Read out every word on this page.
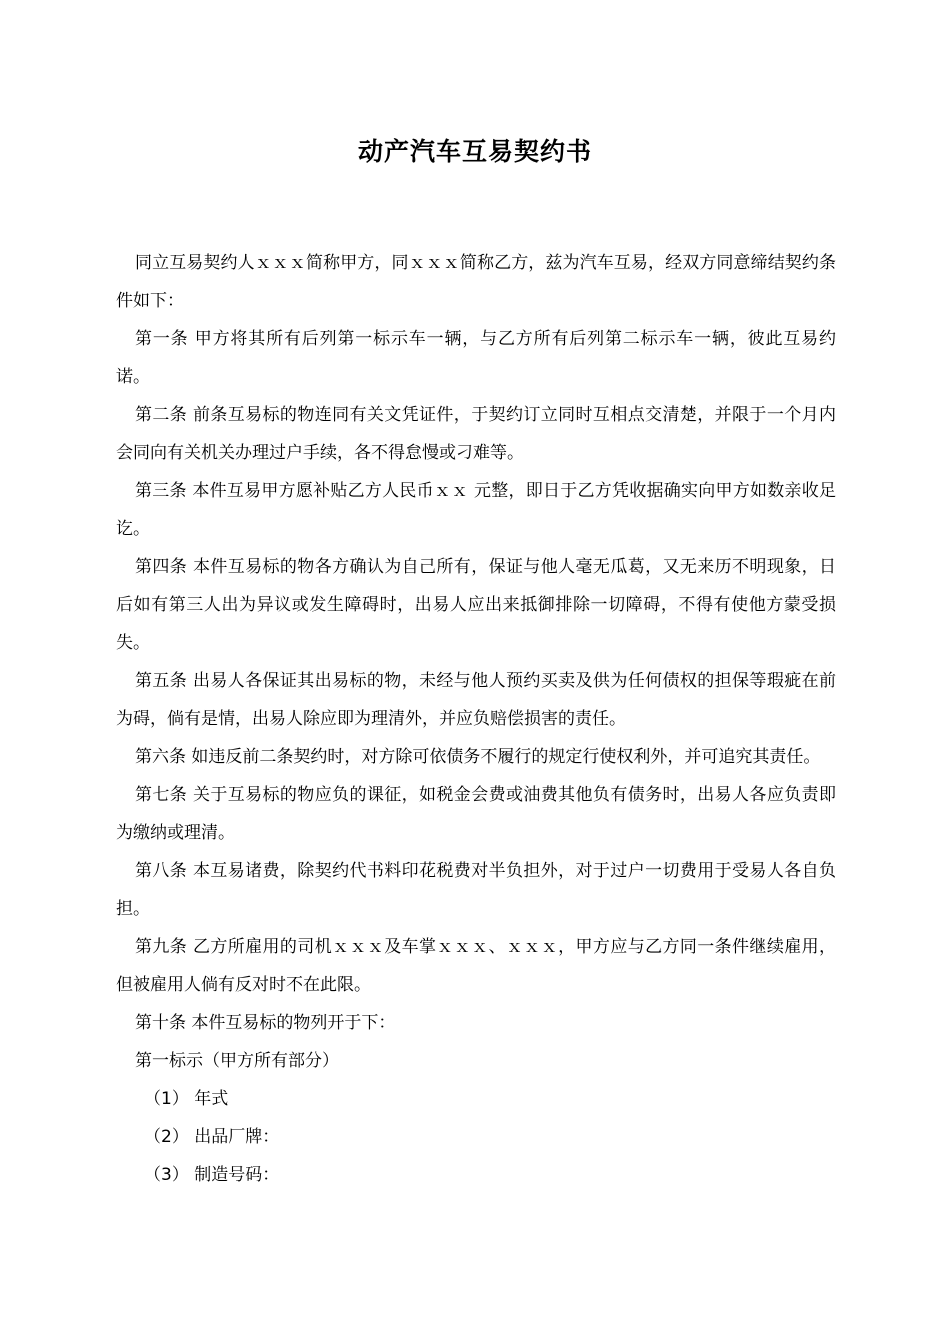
动产汽车互易契约书

同立互易契约人ｘｘｘ简称甲方，同ｘｘｘ简称乙方，兹为汽车互易，经双方同意缔结契约条件如下：

第一条 甲方将其所有后列第一标示车一辆，与乙方所有后列第二标示车一辆，彼此互易约诺。

第二条 前条互易标的物连同有关文凭证件，于契约订立同时互相点交清楚，并限于一个月内会同向有关机关办理过户手续，各不得怠慢或刁难等。

第三条 本件互易甲方愿补贴乙方人民币ｘｘ 元整，即日于乙方凭收据确实向甲方如数亲收足讫。

第四条 本件互易标的物各方确认为自己所有，保证与他人毫无瓜葛，又无来历不明现象，日后如有第三人出为异议或发生障碍时，出易人应出来抵御排除一切障碍，不得有使他方蒙受损失。

第五条 出易人各保证其出易标的物，未经与他人预约买卖及供为任何债权的担保等瑕疵在前为碍，倘有是情，出易人除应即为理清外，并应负赔偿损害的责任。

第六条 如违反前二条契约时，对方除可依债务不履行的规定行使权利外，并可追究其责任。

第七条 关于互易标的物应负的课征，如税金会费或油费其他负有债务时，出易人各应负责即为缴纳或理清。

第八条 本互易诸费，除契约代书料印花税费对半负担外，对于过户一切费用于受易人各自负担。

第九条 乙方所雇用的司机ｘｘｘ及车掌ｘｘｘ、ｘｘｘ，甲方应与乙方同一条件继续雇用，但被雇用人倘有反对时不在此限。

第十条 本件互易标的物列开于下：

第一标示（甲方所有部分）

（1） 年式

（2） 出品厂牌：

（3） 制造号码：
